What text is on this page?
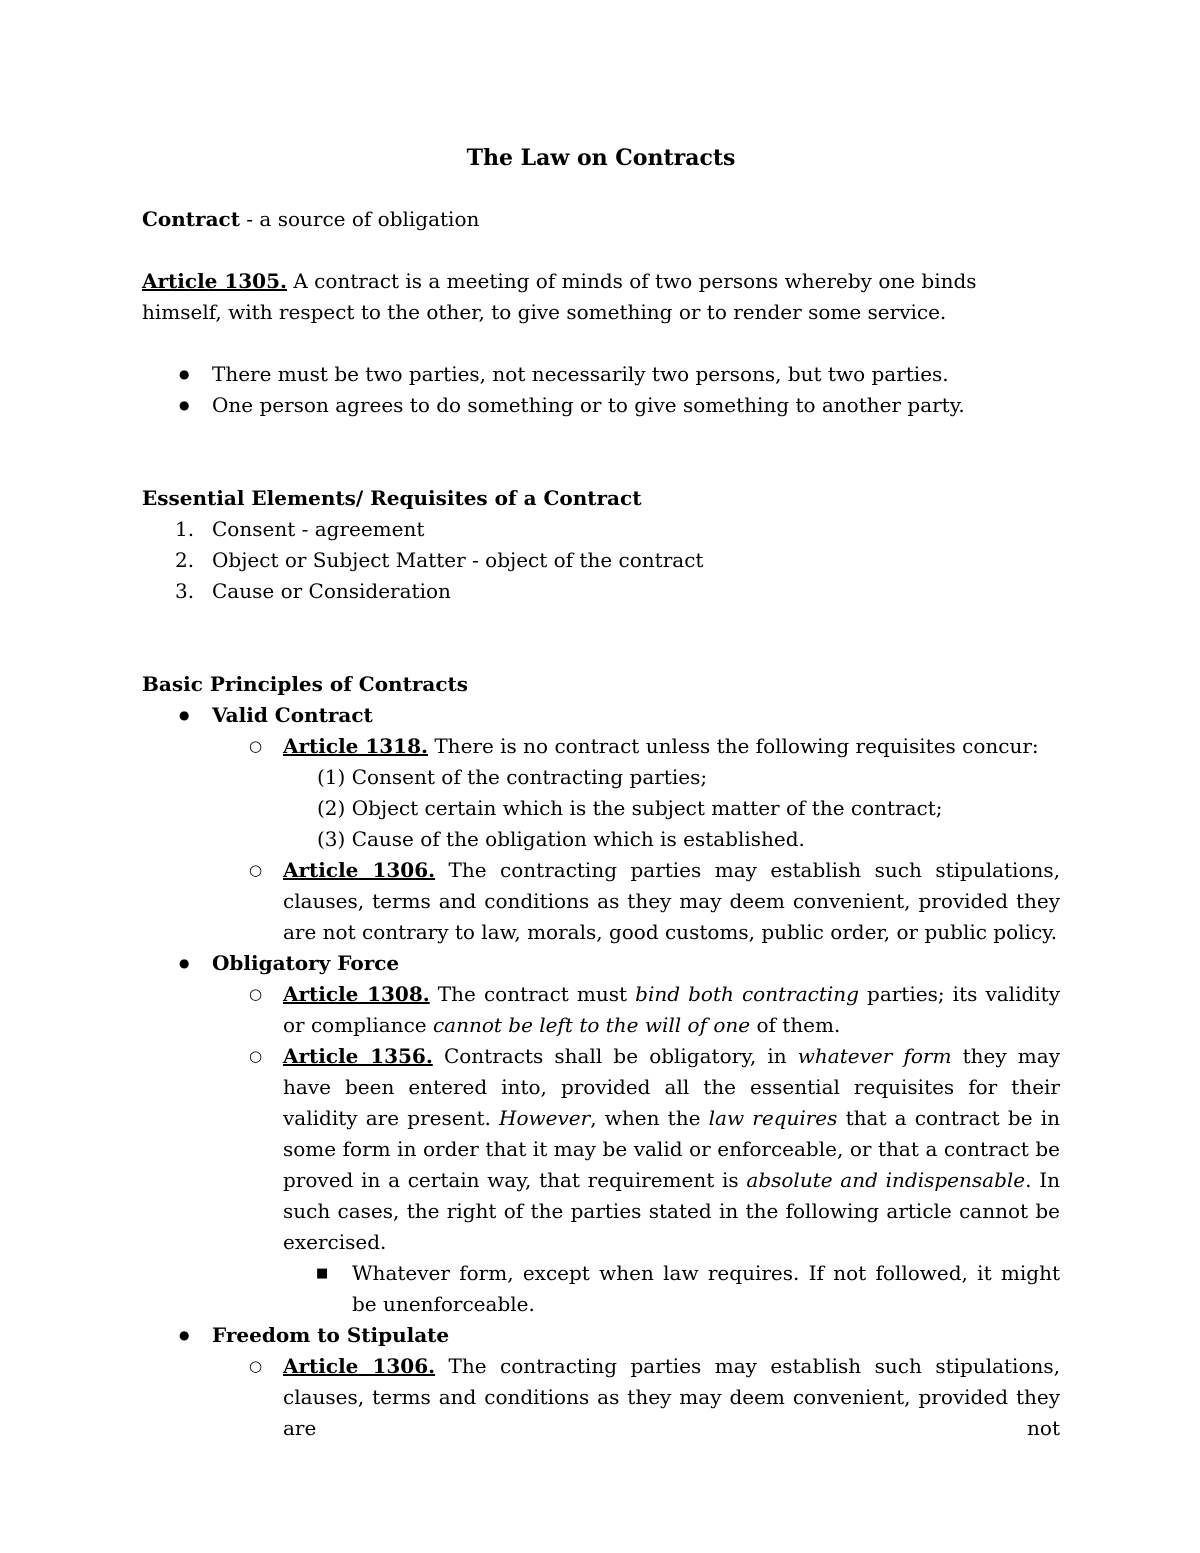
The Law on Contracts
Contract - a source of obligation
Article 1305. A contract is a meeting of minds of two persons whereby one binds himself, with respect to the other, to give something or to render some service.
There must be two parties, not necessarily two persons, but two parties.
One person agrees to do something or to give something to another party.
Essential Elements/ Requisites of a Contract
1. Consent - agreement
2. Object or Subject Matter - object of the contract
3. Cause or Consideration
Basic Principles of Contracts
Valid Contract
Article 1318. There is no contract unless the following requisites concur:
(1) Consent of the contracting parties;
(2) Object certain which is the subject matter of the contract;
(3) Cause of the obligation which is established.
Article 1306. The contracting parties may establish such stipulations, clauses, terms and conditions as they may deem convenient, provided they are not contrary to law, morals, good customs, public order, or public policy.
Obligatory Force
Article 1308. The contract must bind both contracting parties; its validity or compliance cannot be left to the will of one of them.
Article 1356. Contracts shall be obligatory, in whatever form they may have been entered into, provided all the essential requisites for their validity are present. However, when the law requires that a contract be in some form in order that it may be valid or enforceable, or that a contract be proved in a certain way, that requirement is absolute and indispensable. In such cases, the right of the parties stated in the following article cannot be exercised.
Whatever form, except when law requires. If not followed, it might be unenforceable.
Freedom to Stipulate
Article 1306. The contracting parties may establish such stipulations, clauses, terms and conditions as they may deem convenient, provided they are not
